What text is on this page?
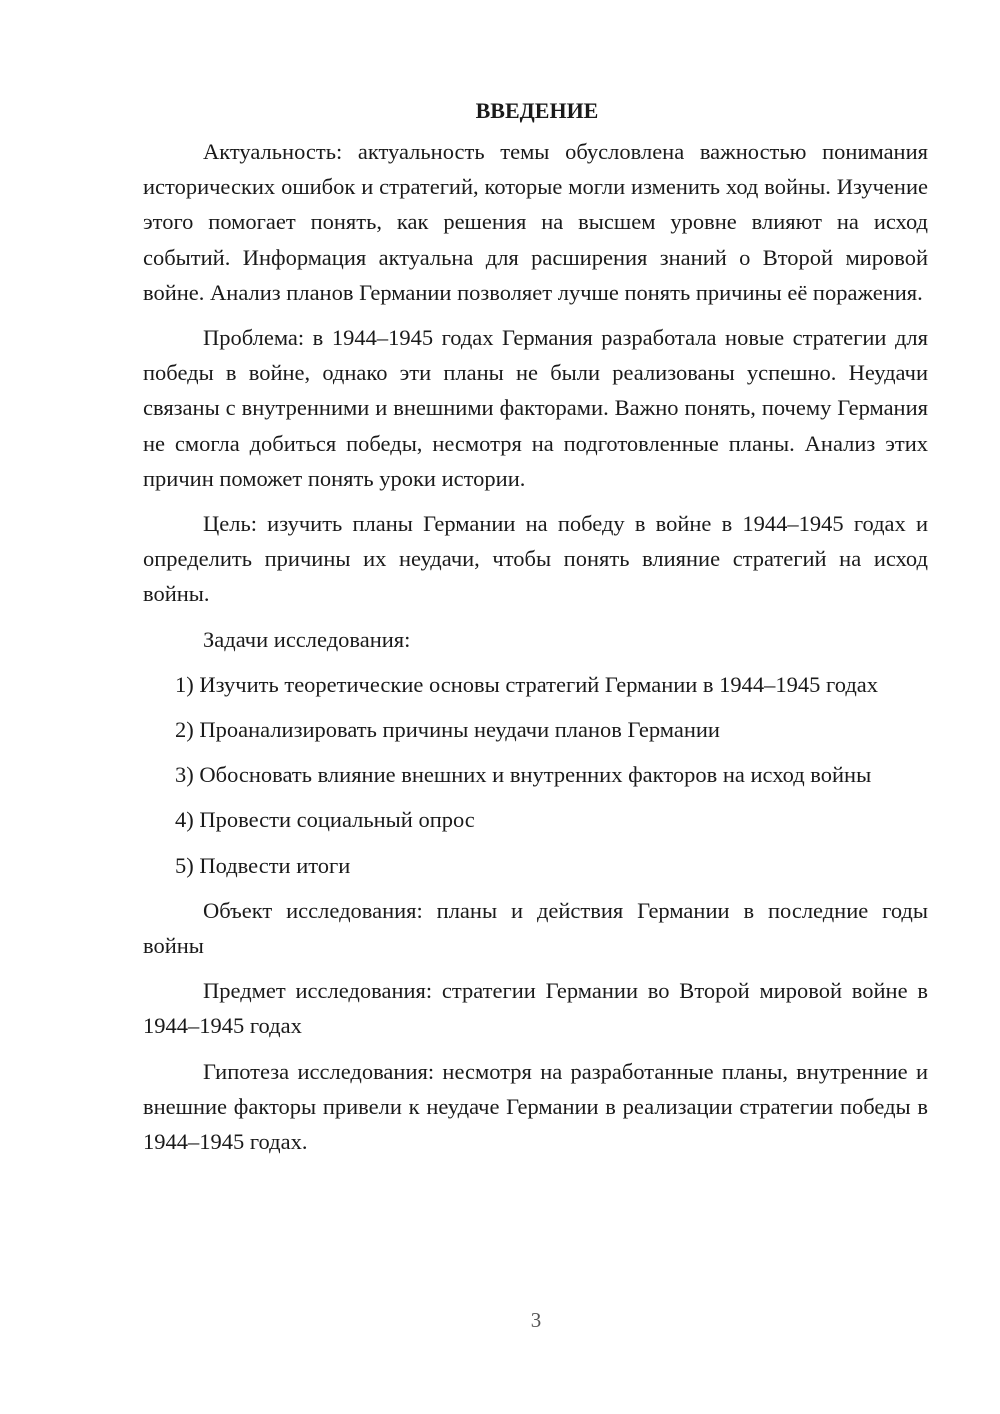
ВВЕДЕНИЕ

Актуальность: актуальность темы обусловлена важностью понимания исторических ошибок и стратегий, которые могли изменить ход войны. Изучение этого помогает понять, как решения на высшем уровне влияют на исход событий. Информация актуальна для расширения знаний о Второй мировой войне. Анализ планов Германии позволяет лучше понять причины её поражения.

Проблема: в 1944–1945 годах Германия разработала новые стратегии для победы в войне, однако эти планы не были реализованы успешно. Неудачи связаны с внутренними и внешними факторами. Важно понять, почему Германия не смогла добиться победы, несмотря на подготовленные планы. Анализ этих причин поможет понять уроки истории.

Цель: изучить планы Германии на победу в войне в 1944–1945 годах и определить причины их неудачи, чтобы понять влияние стратегий на исход войны.

Задачи исследования:

1) Изучить теоретические основы стратегий Германии в 1944–1945 годах

2) Проанализировать причины неудачи планов Германии

3) Обосновать влияние внешних и внутренних факторов на исход войны

4) Провести социальный опрос

5) Подвести итоги

Объект исследования: планы и действия Германии в последние годы войны

Предмет исследования: стратегии Германии во Второй мировой войне в 1944–1945 годах

Гипотеза исследования: несмотря на разработанные планы, внутренние и внешние факторы привели к неудаче Германии в реализации стратегии победы в 1944–1945 годах.

3
